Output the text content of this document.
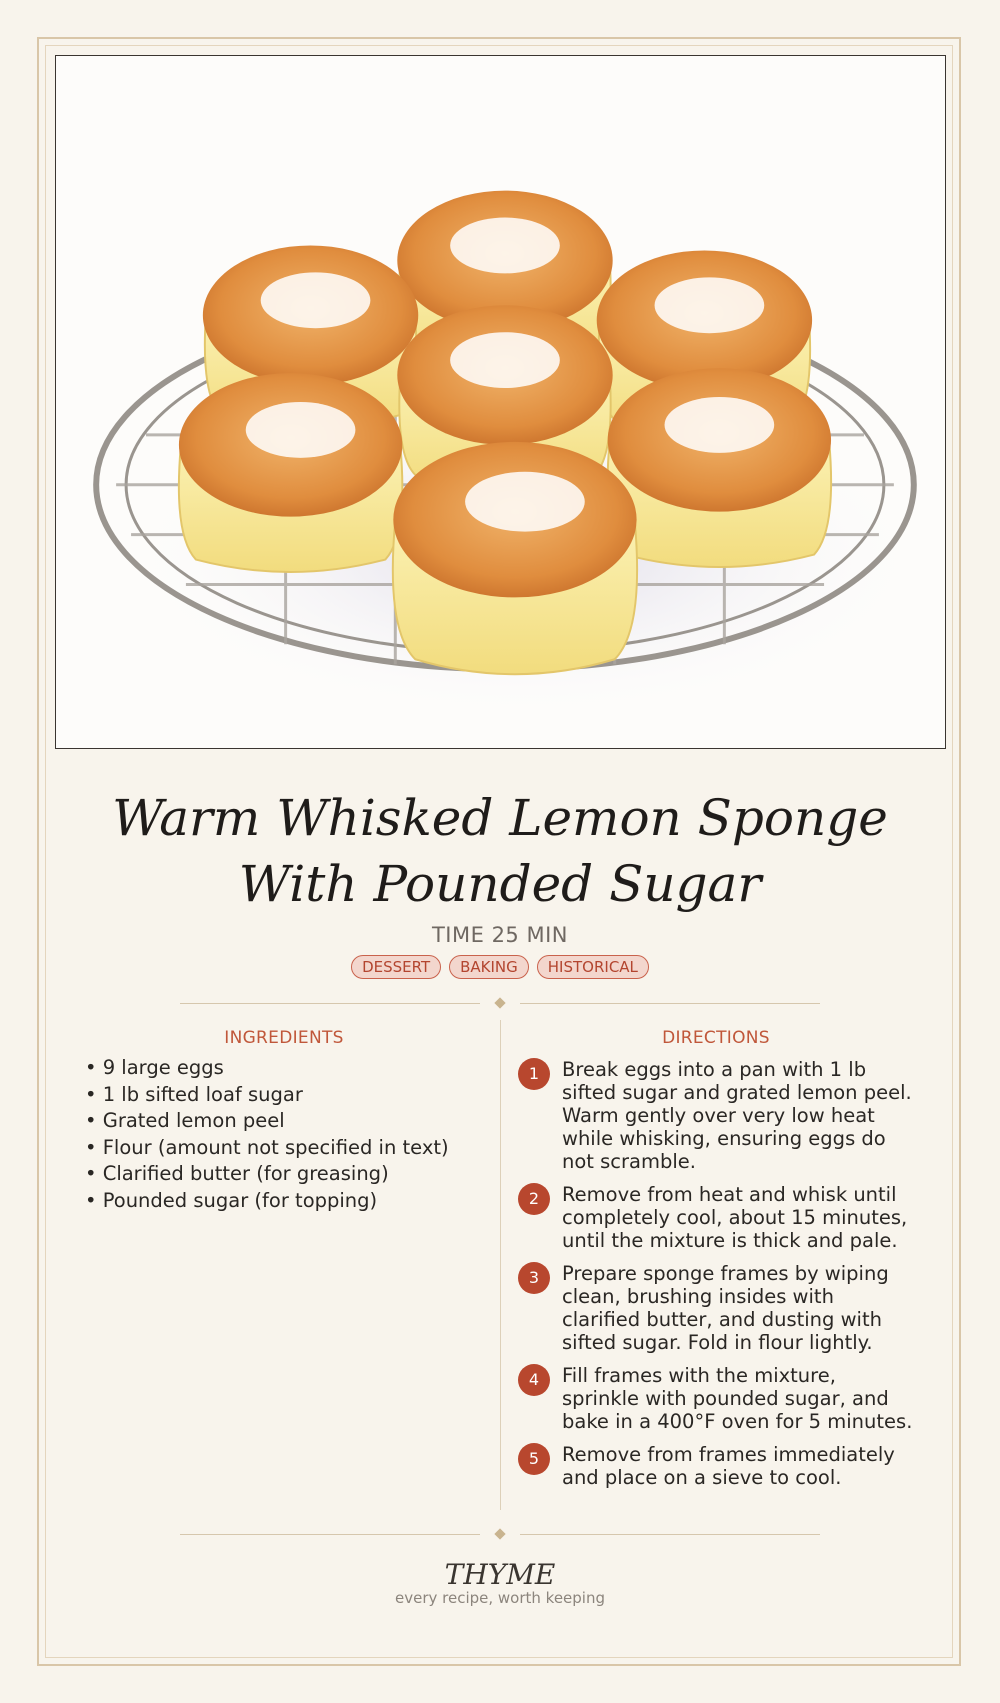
Warm Whisked Lemon Sponge With Pounded Sugar
TIME 25 MIN
DESSERT	BAKING	HISTORICAL
INGREDIENTS
• 9 large eggs
• 1 lb sifted loaf sugar
• Grated lemon peel
• Flour (amount not specified in text)
• Clarified butter (for greasing)
• Pounded sugar (for topping)
DIRECTIONS
1	Break eggs into a pan with 1 lb sifted sugar and grated lemon peel. Warm gently over very low heat while whisking, ensuring eggs do not scramble.
2	Remove from heat and whisk until completely cool, about 15 minutes, until the mixture is thick and pale.
3	Prepare sponge frames by wiping clean, brushing insides with clarified butter, and dusting with sifted sugar. Fold in flour lightly.
4	Fill frames with the mixture, sprinkle with pounded sugar, and bake in a 400°F oven for 5 minutes.
5	Remove from frames immediately and place on a sieve to cool.
THYME
every recipe, worth keeping
